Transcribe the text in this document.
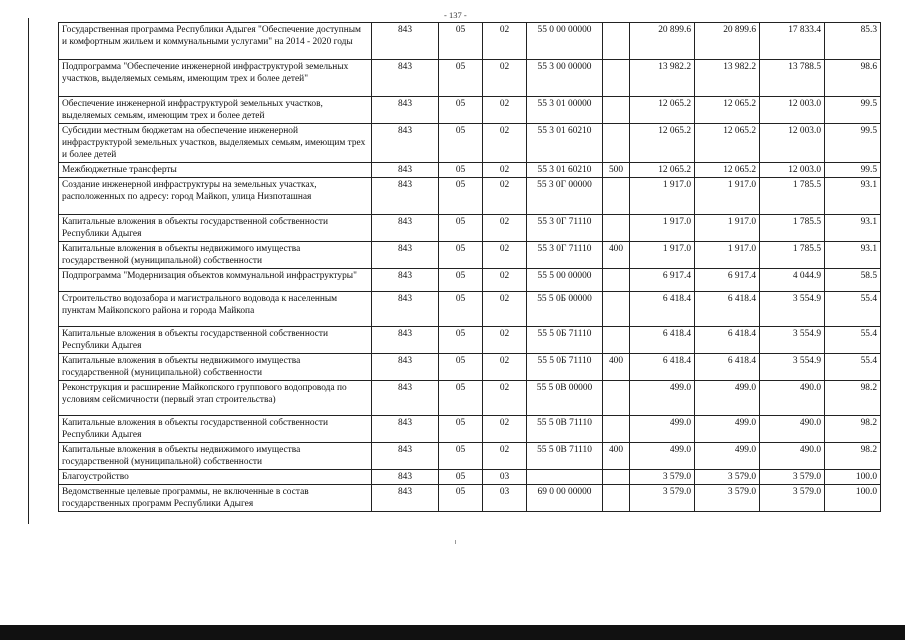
- 137 -
Государственная программа Республики Адыгея "Обеспечение доступным и комфортным жильем и коммунальными услугами" на 2014 - 2020 годы	843	05	02	55 0 00 00000		20 899.6	20 899.6	17 833.4	85.3
Подпрограмма "Обеспечение инженерной инфраструктурой земельных участков, выделяемых семьям, имеющим трех и более детей"	843	05	02	55 3 00 00000		13 982.2	13 982.2	13 788.5	98.6
Обеспечение инженерной инфраструктурой земельных участков, выделяемых семьям, имеющим трех и более детей	843	05	02	55 3 01 00000		12 065.2	12 065.2	12 003.0	99.5
Субсидии местным бюджетам на обеспечение инженерной инфраструктурой земельных участков, выделяемых семьям, имеющим трех и более детей	843	05	02	55 3 01 60210		12 065.2	12 065.2	12 003.0	99.5
Межбюджетные трансферты	843	05	02	55 3 01 60210	500	12 065.2	12 065.2	12 003.0	99.5
Создание инженерной инфраструктуры на земельных участках, расположенных по адресу: город Майкоп, улица Низпоташная	843	05	02	55 3 0Г 00000		1 917.0	1 917.0	1 785.5	93.1
Капитальные вложения в объекты государственной собственности Республики Адыгея	843	05	02	55 3 0Г 71110		1 917.0	1 917.0	1 785.5	93.1
Капитальные вложения в объекты недвижимого имущества государственной (муниципальной) собственности	843	05	02	55 3 0Г 71110	400	1 917.0	1 917.0	1 785.5	93.1
Подпрограмма "Модернизация объектов коммунальной инфраструктуры"	843	05	02	55 5 00 00000		6 917.4	6 917.4	4 044.9	58.5
Строительство водозабора и магистрального водовода к населенным пунктам Майкопского района и города Майкопа	843	05	02	55 5 0Б 00000		6 418.4	6 418.4	3 554.9	55.4
Капитальные вложения в объекты государственной собственности Республики Адыгея	843	05	02	55 5 0Б 71110		6 418.4	6 418.4	3 554.9	55.4
Капитальные вложения в объекты недвижимого имущества государственной (муниципальной) собственности	843	05	02	55 5 0Б 71110	400	6 418.4	6 418.4	3 554.9	55.4
Реконструкция и расширение Майкопского группового водопровода по условиям сейсмичности (первый этап строительства)	843	05	02	55 5 0В 00000		499.0	499.0	490.0	98.2
Капитальные вложения в объекты государственной собственности Республики Адыгея	843	05	02	55 5 0В 71110		499.0	499.0	490.0	98.2
Капитальные вложения в объекты недвижимого имущества государственной (муниципальной) собственности	843	05	02	55 5 0В 71110	400	499.0	499.0	490.0	98.2
Благоустройство	843	05	03			3 579.0	3 579.0	3 579.0	100.0
Ведомственные целевые программы, не включенные в состав государственных программ Республики Адыгея	843	05	03	69 0 00 00000		3 579.0	3 579.0	3 579.0	100.0
